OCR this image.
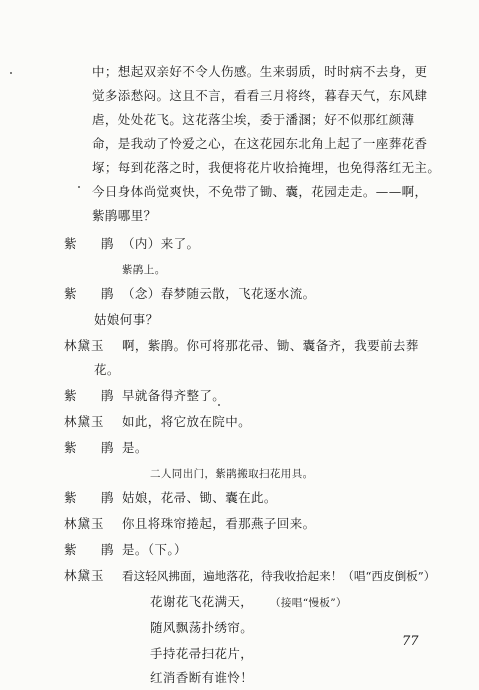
中；想起双亲好不令人伤感。生来弱质，时时病不去身，更
觉多添愁闷。这且不言，看看三月将终，暮春天气，东风肆
虐，处处花飞。这花落尘埃，委于潘溷；好不似那红颜薄
命，是我动了怜爱之心，在这花园东北角上起了一座葬花香
塚；每到花落之时，我便将花片收拾掩埋，也免得落红无主。
今日身体尚觉爽快，不免带了锄、囊，花园走走。——啊，
紫鹃哪里？
紫　鹃 （内）来了。
紫鹃上。
紫　鹃 （念）春梦随云散，飞花逐水流。
姑娘何事？
林黛玉 啊，紫鹃。你可将那花帚、锄、囊备齐，我要前去葬
花。
紫　鹃 早就备得齐整了。
林黛玉 如此，将它放在院中。
紫　鹃 是。
二人同出门，紫鹃搬取扫花用具。
紫　鹃 姑娘，花帚、锄、囊在此。
林黛玉 你且将珠帘捲起，看那燕子回来。
紫　鹃 是。（下。）
林黛玉 看这轻风拂面，遍地落花，待我收拾起来！（唱“西皮倒板”）
花谢花飞花满天， （接唱“慢板”）
随风飘荡扑绣帘。
手持花帚扫花片，
红消香断有谁怜！
77
